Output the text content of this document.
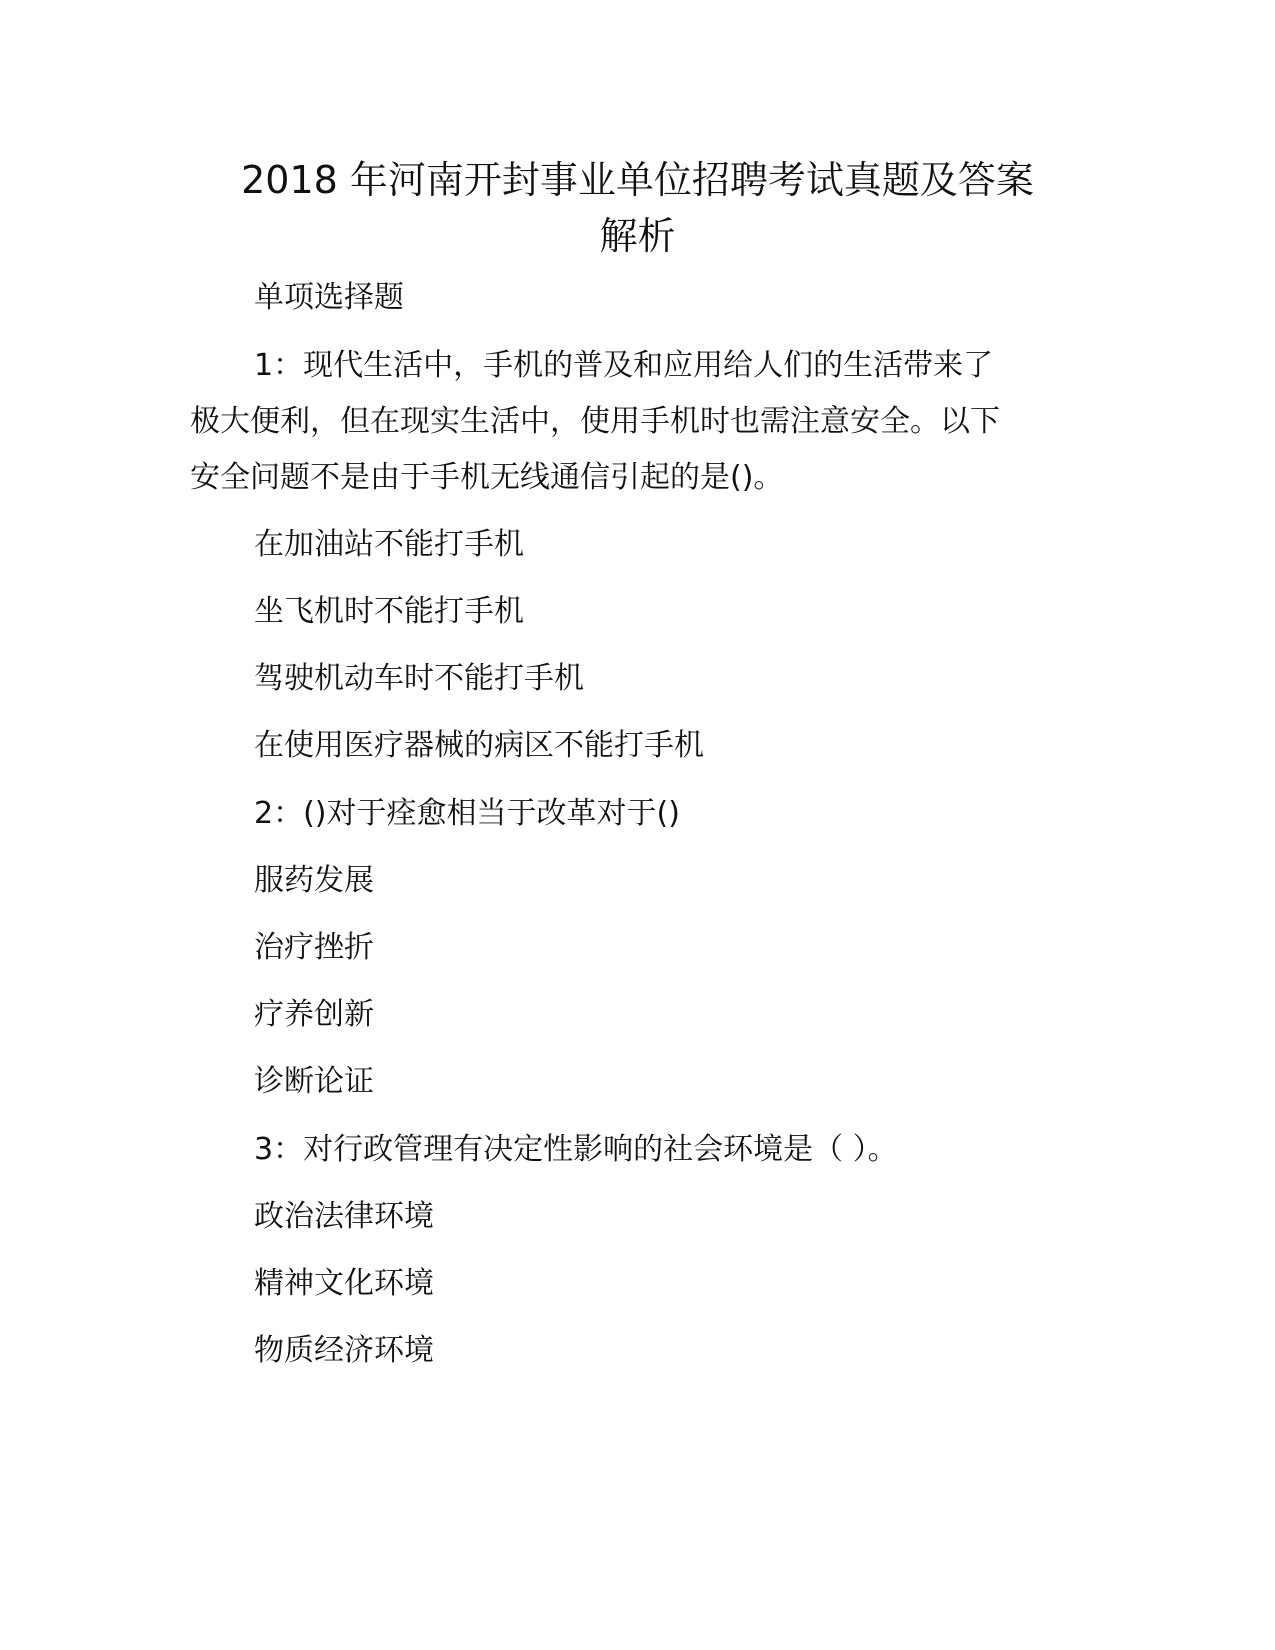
2018 年河南开封事业单位招聘考试真题及答案
解析

单项选择题

1：现代生活中，手机的普及和应用给人们的生活带来了

极大便利，但在现实生活中，使用手机时也需注意安全。以下

安全问题不是由于手机无线通信引起的是()。

在加油站不能打手机

坐飞机时不能打手机

驾驶机动车时不能打手机

在使用医疗器械的病区不能打手机

2：()对于痊愈相当于改革对于()

服药发展

治疗挫折

疗养创新

诊断论证

3：对行政管理有决定性影响的社会环境是（ ）。

政治法律环境

精神文化环境

物质经济环境
